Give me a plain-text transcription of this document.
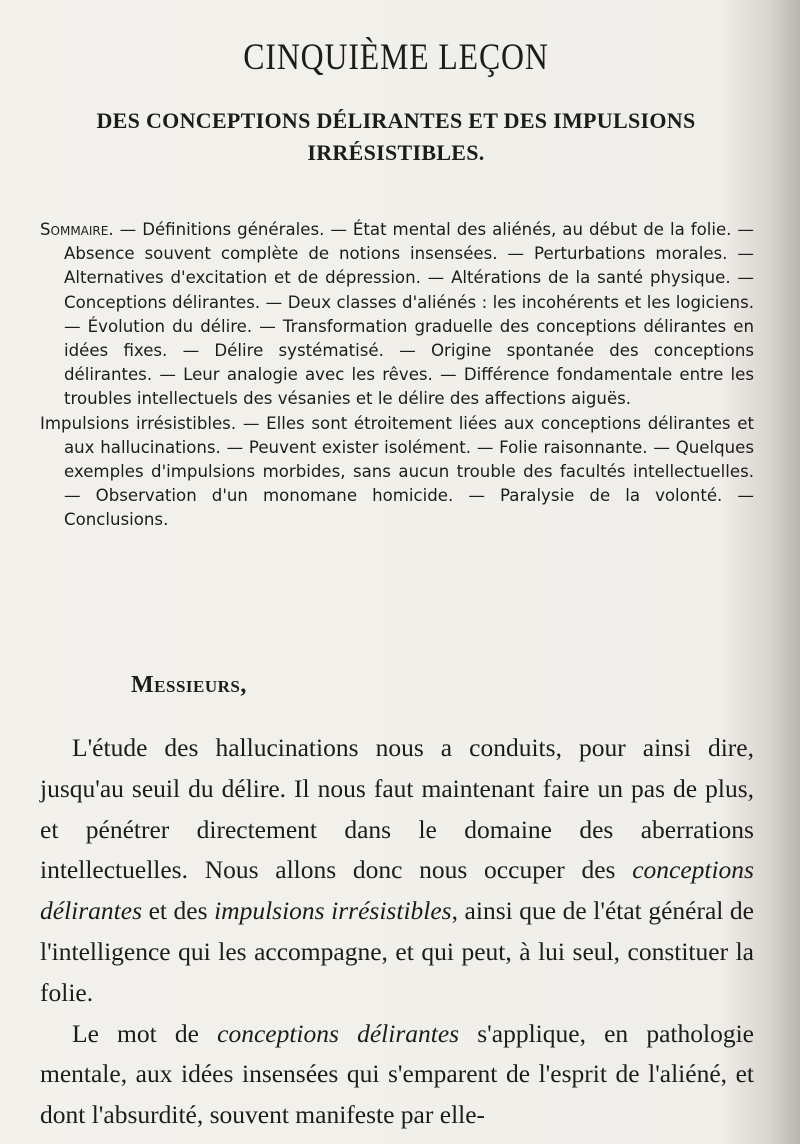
CINQUIÈME LEÇON
DES CONCEPTIONS DÉLIRANTES ET DES IMPULSIONS
IRRÉSISTIBLES.

Sommaire. — Définitions générales. — État mental des aliénés, au début de la folie. — Absence souvent complète de notions insensées. — Perturbations morales. — Alternatives d'excitation et de dépression. — Altérations de la santé physique. — Conceptions délirantes. — Deux classes d'aliénés : les incohérents et les logiciens. — Évolution du délire. — Transformation graduelle des conceptions délirantes en idées fixes. — Délire systématisé. — Origine spontanée des conceptions délirantes. — Leur analogie avec les rêves. — Différence fondamentale entre les troubles intellectuels des vésanies et le délire des affections aiguës.

Impulsions irrésistibles. — Elles sont étroitement liées aux conceptions délirantes et aux hallucinations. — Peuvent exister isolément. — Folie raisonnante. — Quelques exemples d'impulsions morbides, sans aucun trouble des facultés intellectuelles. — Observation d'un monomane homicide. — Paralysie de la volonté. — Conclusions.

Messieurs,

L'étude des hallucinations nous a conduits, pour ainsi dire, jusqu'au seuil du délire. Il nous faut maintenant faire un pas de plus, et pénétrer directement dans le domaine des aberrations intellectuelles. Nous allons donc nous occuper des conceptions délirantes et des impulsions irrésistibles, ainsi que de l'état général de l'intelligence qui les accompagne, et qui peut, à lui seul, constituer la folie.

Le mot de conceptions délirantes s'applique, en pathologie mentale, aux idées insensées qui s'emparent de l'esprit de l'aliéné, et dont l'absurdité, souvent manifeste par elle-
